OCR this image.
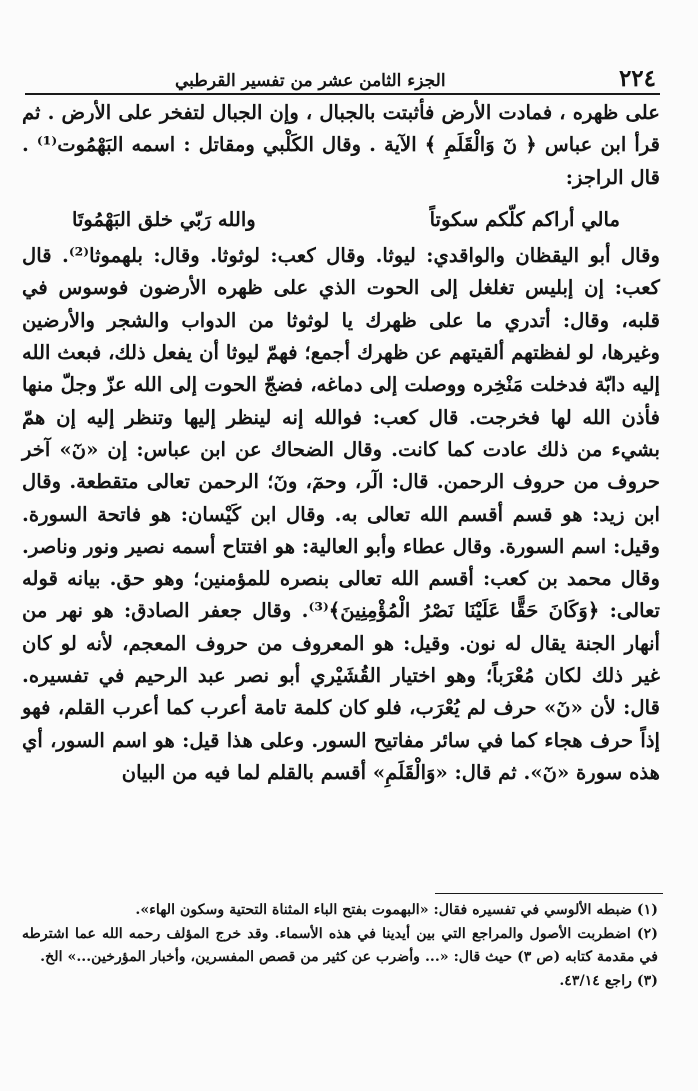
٢٢٤
الجزء الثامن عشر من تفسير القرطبي

على ظهره ، فمادت الأرض فأثبتت بالجبال ، وإن الجبال لتفخر على الأرض . ثم قرأ ابن عباس ﴿ نٓ وَالْقَلَمِ ﴾ الآية . وقال الكَلْبي ومقاتل : اسمه البَهْمُوت⁽¹⁾ . قال الراجز:

مالي أراكم كلّكم سكوتاً
والله رَبّي خلق البَهْمُوتَا

وقال أبو اليقظان والواقدي: ليوثا. وقال كعب: لوثوثا. وقال: بلهموثا⁽²⁾. قال كعب: إن إبليس تغلغل إلى الحوت الذي على ظهره الأرضون فوسوس في قلبه، وقال: أتدري ما على ظهرك يا لوثوثا من الدواب والشجر والأرضين وغيرها، لو لفظتهم ألقيتهم عن ظهرك أجمع؛ فهمّ ليوثا أن يفعل ذلك، فبعث الله إليه دابّة فدخلت مَنْخِره ووصلت إلى دماغه، فضجّ الحوت إلى الله عزّ وجلّ منها فأذن الله لها فخرجت. قال كعب: فوالله إنه لينظر إليها وتنظر إليه إن همّ بشيء من ذلك عادت كما كانت. وقال الضحاك عن ابن عباس: إن «نٓ» آخر حروف من حروف الرحمن. قال: الٓر، وحمٓ، ونٓ؛ الرحمن تعالى متقطعة. وقال ابن زيد: هو قسم أقسم الله تعالى به. وقال ابن كَيْسان: هو فاتحة السورة. وقيل: اسم السورة. وقال عطاء وأبو العالية: هو افتتاح أسمه نصير ونور وناصر. وقال محمد بن كعب: أقسم الله تعالى بنصره للمؤمنين؛ وهو حق. بيانه قوله تعالى: ﴿وَكَانَ حَقًّا عَلَيْنَا نَصْرُ الْمُؤْمِنِينَ﴾⁽³⁾. وقال جعفر الصادق: هو نهر من أنهار الجنة يقال له نون. وقيل: هو المعروف من حروف المعجم، لأنه لو كان غير ذلك لكان مُعْرَباً؛ وهو اختيار القُشَيْري أبو نصر عبد الرحيم في تفسيره. قال: لأن «نٓ» حرف لم يُعْرَب، فلو كان كلمة تامة أعرب كما أعرب القلم، فهو إذاً حرف هجاء كما في سائر مفاتيح السور. وعلى هذا قيل: هو اسم السور، أي هذه سورة «نٓ». ثم قال: «وَالْقَلَمِ» أقسم بالقلم لما فيه من البيان

(١) ضبطه الألوسي في تفسيره فقال: «البهموت بفتح الباء المثناة التحتية وسكون الهاء».

(٢) اضطربت الأصول والمراجع التي بين أيدينا في هذه الأسماء. وقد خرج المؤلف رحمه الله عما اشترطه في مقدمة كتابه (ص ٣) حيث قال: «... وأضرب عن كثير من قصص المفسرين، وأخبار المؤرخين...» الخ.

(٣) راجع ٤٣/١٤.
